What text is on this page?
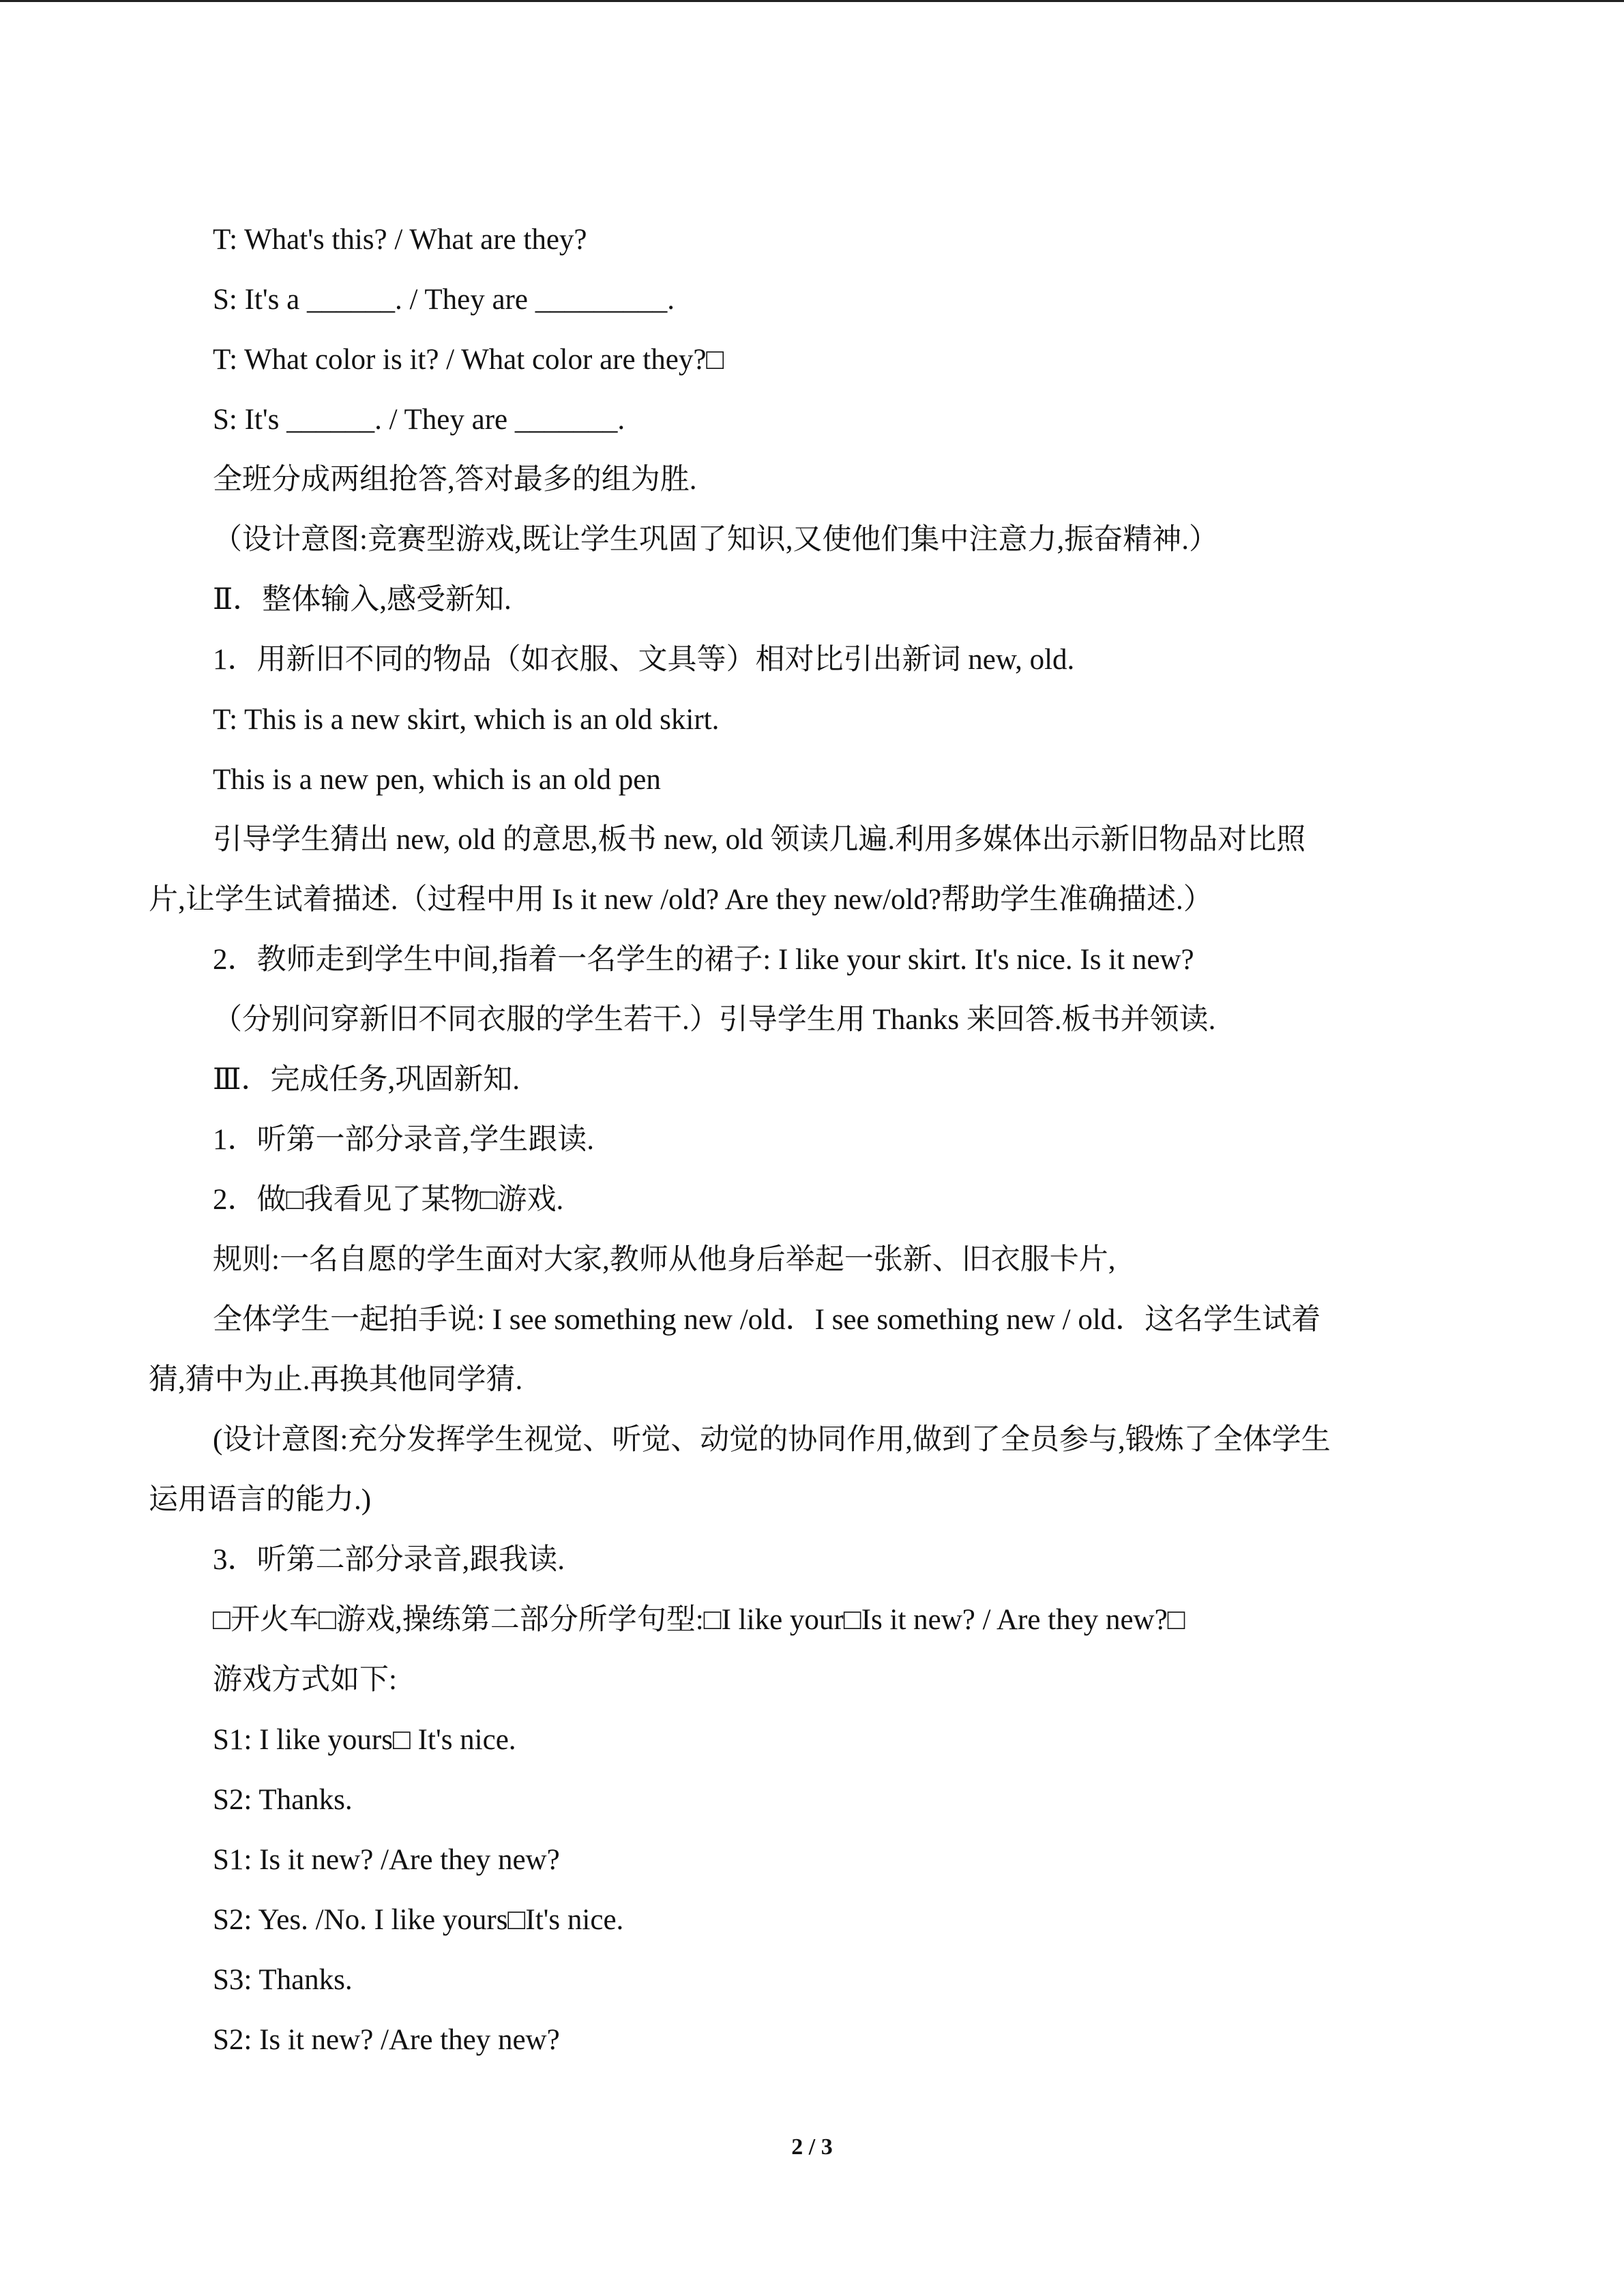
T: What's this? / What are they?

S: It's a ______. / They are _________.

T: What color is it? / What color are they?□

S: It's ______. / They are _______.

全班分成两组抢答,答对最多的组为胜.

（设计意图:竞赛型游戏,既让学生巩固了知识,又使他们集中注意力,振奋精神.）

Ⅱ．整体输入,感受新知.

1．用新旧不同的物品（如衣服、文具等）相对比引出新词 new, old.

T: This is a new skirt, which is an old skirt.

This is a new pen, which is an old pen

引导学生猜出 new, old 的意思,板书 new, old 领读几遍.利用多媒体出示新旧物品对比照

片,让学生试着描述.（过程中用 Is it new /old? Are they new/old?帮助学生准确描述.）

2．教师走到学生中间,指着一名学生的裙子: I like your skirt. It's nice. Is it new?

（分别问穿新旧不同衣服的学生若干.）引导学生用 Thanks 来回答.板书并领读.

Ⅲ．完成任务,巩固新知.

1．听第一部分录音,学生跟读.

2．做□我看见了某物□游戏.

规则:一名自愿的学生面对大家,教师从他身后举起一张新、旧衣服卡片,

全体学生一起拍手说: I see something new /old．I see something new / old．这名学生试着

猜,猜中为止.再换其他同学猜.

(设计意图:充分发挥学生视觉、听觉、动觉的协同作用,做到了全员参与,锻炼了全体学生

运用语言的能力.)

3．听第二部分录音,跟我读.

□开火车□游戏,操练第二部分所学句型:□I like your□Is it new? / Are they new?□

游戏方式如下:

S1: I like yours□ It's nice.

S2: Thanks.

S1: Is it new? /Are they new?

S2: Yes. /No. I like yours□It's nice.

S3: Thanks.

S2: Is it new? /Are they new?

2 / 3
